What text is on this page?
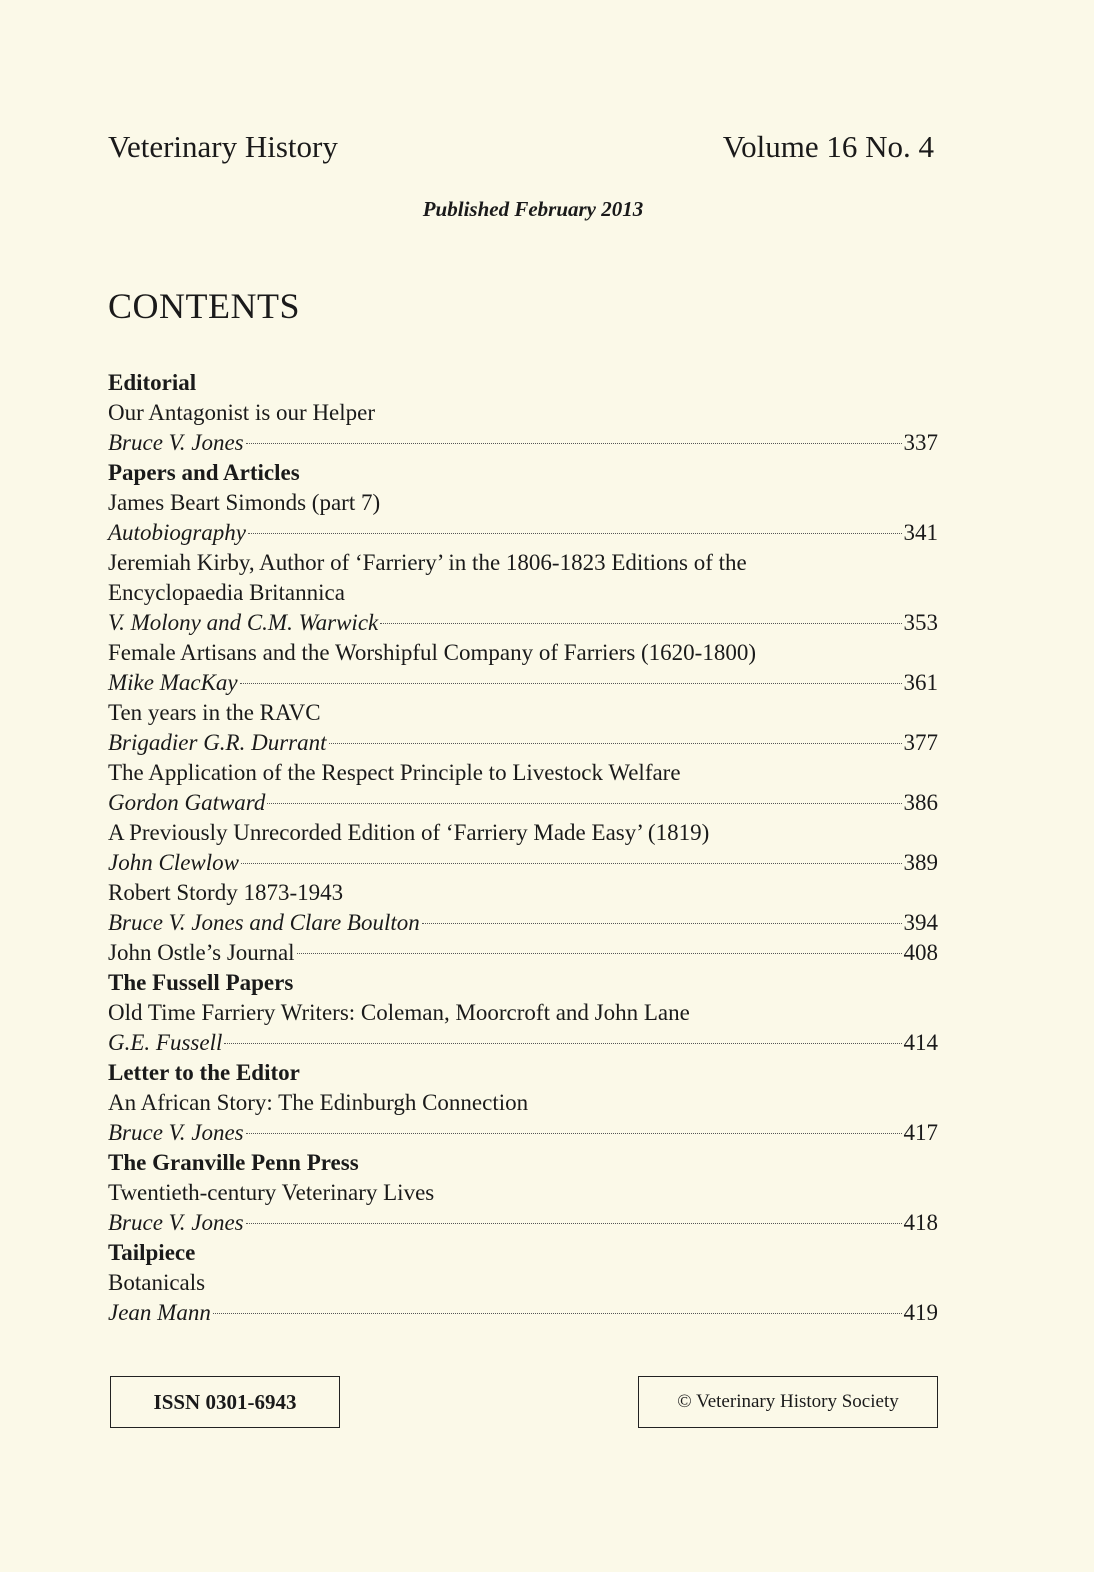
Veterinary History	Volume 16 No. 4
Published February 2013
CONTENTS
Editorial
Our Antagonist is our Helper
Bruce V. Jones	337
Papers and Articles
James Beart Simonds (part 7)
Autobiography	341
Jeremiah Kirby, Author of ‘Farriery’ in the 1806-1823 Editions of the
Encyclopaedia Britannica
V. Molony and C.M. Warwick	353
Female Artisans and the Worshipful Company of Farriers (1620-1800)
Mike MacKay	361
Ten years in the RAVC
Brigadier G.R. Durrant	377
The Application of the Respect Principle to Livestock Welfare
Gordon Gatward	386
A Previously Unrecorded Edition of ‘Farriery Made Easy’ (1819)
John Clewlow	389
Robert Stordy 1873-1943
Bruce V. Jones and Clare Boulton	394
John Ostle’s Journal	408
The Fussell Papers
Old Time Farriery Writers: Coleman, Moorcroft and John Lane
G.E. Fussell	414
Letter to the Editor
An African Story: The Edinburgh Connection
Bruce V. Jones	417
The Granville Penn Press
Twentieth-century Veterinary Lives
Bruce V. Jones	418
Tailpiece
Botanicals
Jean Mann	419
ISSN 0301-6943	© Veterinary History Society
